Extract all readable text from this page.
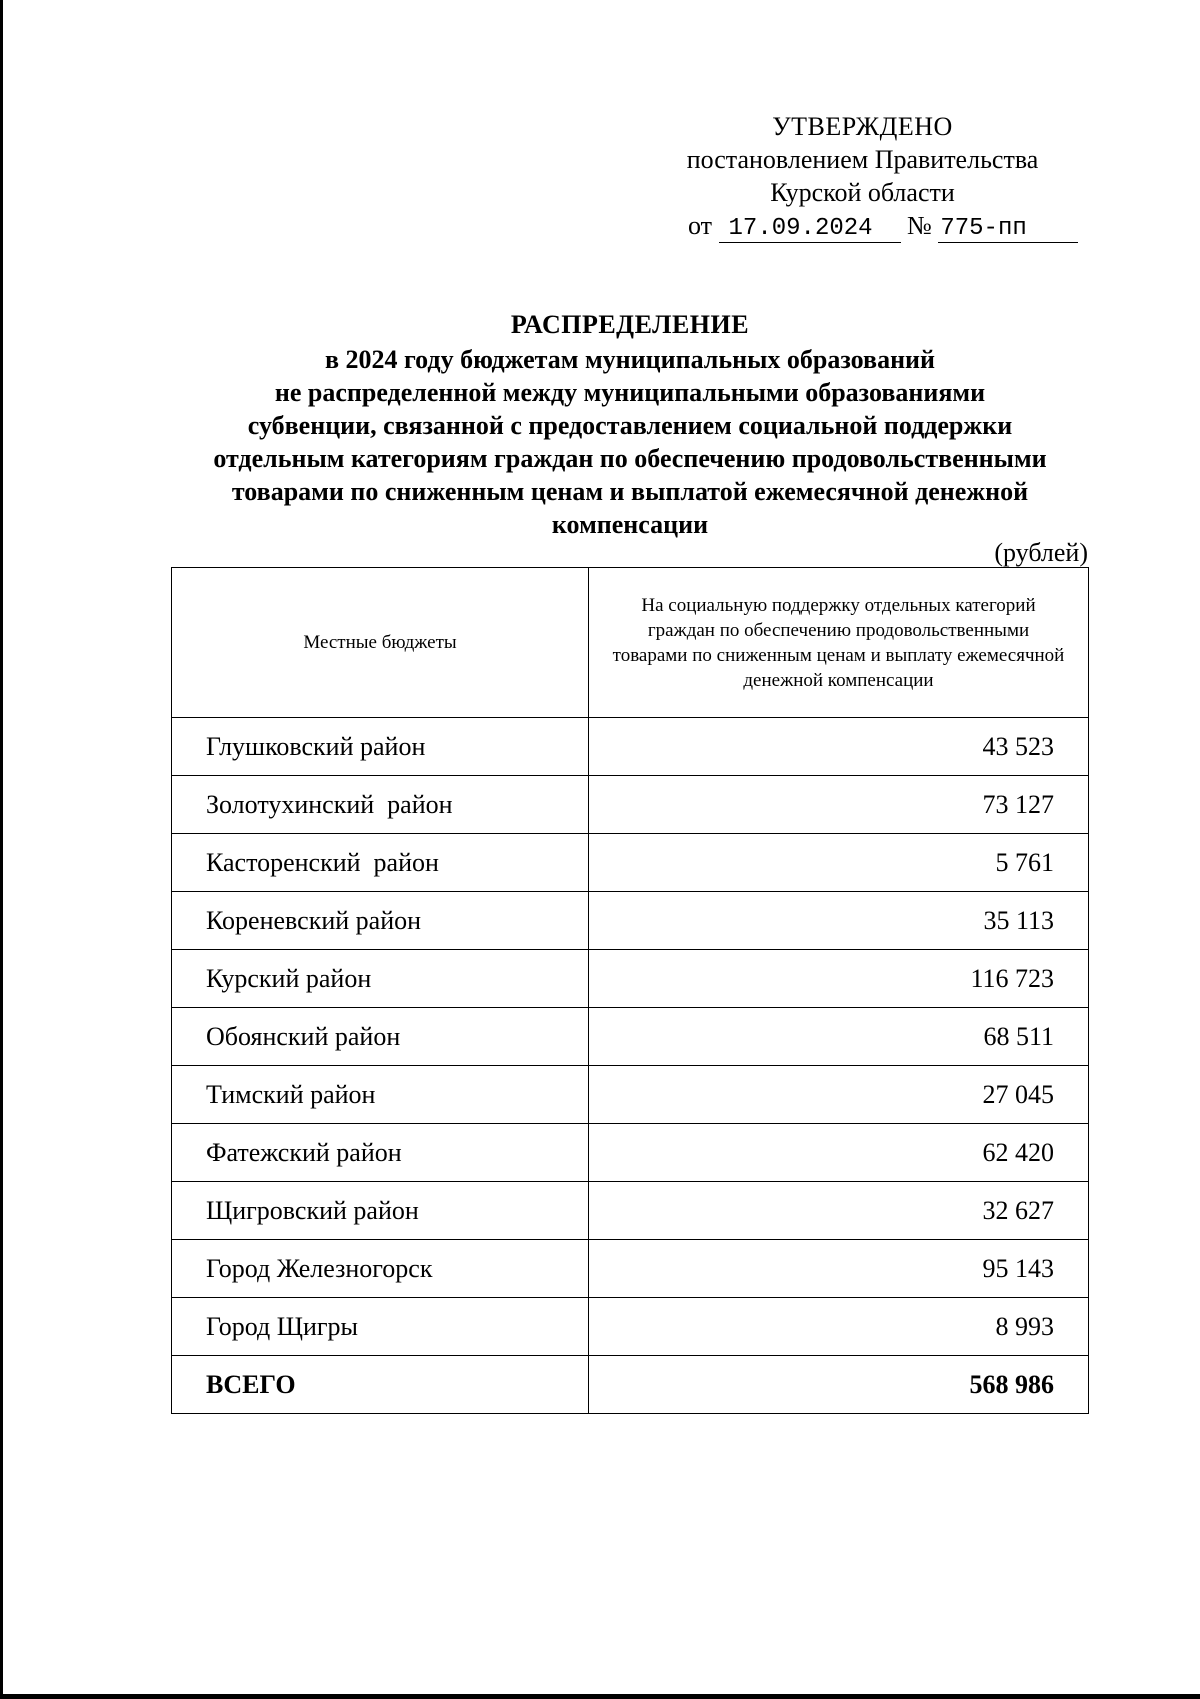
УТВЕРЖДЕНО
постановлением Правительства
Курской области
от 17.09.2024 № 775-пп
РАСПРЕДЕЛЕНИЕ
в 2024 году бюджетам муниципальных образований
не распределенной между муниципальными образованиями
субвенции, связанной с предоставлением социальной поддержки
отдельным категориям граждан по обеспечению продовольственными
товарами по сниженным ценам и выплатой ежемесячной денежной
компенсации
(рублей)
Местные бюджеты	На социальную поддержку отдельных категорий граждан по обеспечению продовольственными товарами по сниженным ценам и выплату ежемесячной денежной компенсации
Глушковский район	43 523
Золотухинский  район	73 127
Касторенский  район	5 761
Кореневский район	35 113
Курский район	116 723
Обоянский район	68 511
Тимский район	27 045
Фатежский район	62 420
Щигровский район	32 627
Город Железногорск	95 143
Город Щигры	8 993
ВСЕГО	568 986
